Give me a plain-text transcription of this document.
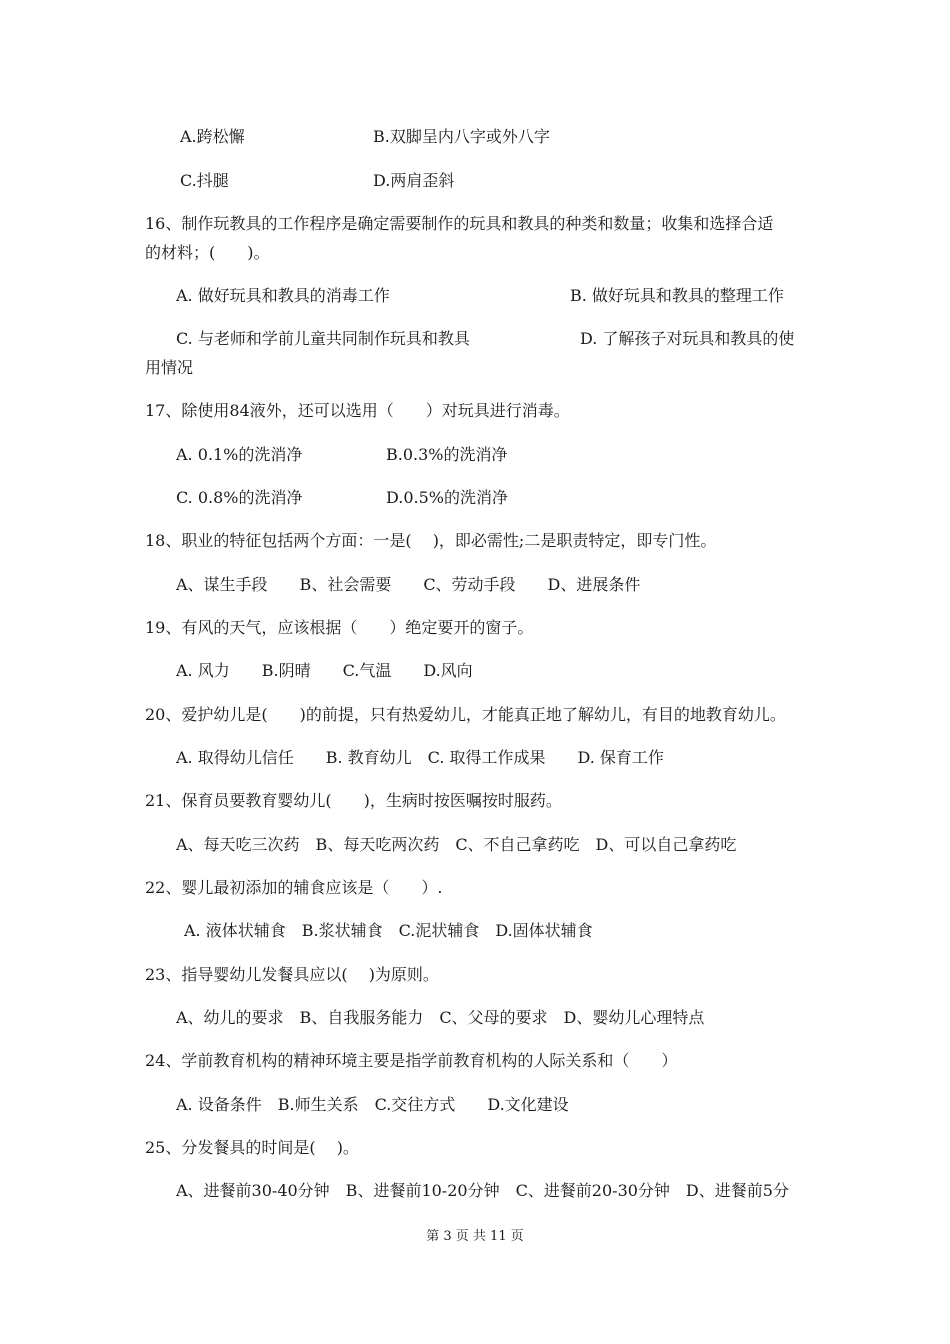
A.跨松懈	B.双脚呈内八字或外八字

C.抖腿	D.两肩歪斜

16、制作玩教具的工作程序是确定需要制作的玩具和教具的种类和数量；收集和选择合适

的材料；(　　)。

A. 做好玩具和教具的消毒工作	B. 做好玩具和教具的整理工作

C. 与老师和学前儿童共同制作玩具和教具	D. 了解孩子对玩具和教具的使

用情况

17、除使用84液外，还可以选用（　　）对玩具进行消毒。

A. 0.1%的洗消净	B.0.3%的洗消净

C. 0.8%的洗消净	D.0.5%的洗消净

18、职业的特征包括两个方面：一是(　 )，即必需性;二是职责特定，即专门性。

A、谋生手段　　B、社会需要　　C、劳动手段　　D、进展条件

19、有风的天气，应该根据（　　）绝定要开的窗子。

A. 风力　　B.阴晴　　C.气温　　D.风向

20、爱护幼儿是(　　)的前提，只有热爱幼儿，才能真正地了解幼儿，有目的地教育幼儿。

A. 取得幼儿信任　　B. 教育幼儿　C. 取得工作成果　　D. 保育工作

21、保育员要教育婴幼儿(　　)，生病时按医嘱按时服药。

A、每天吃三次药　B、每天吃两次药　C、不自己拿药吃　D、可以自己拿药吃

22、婴儿最初添加的辅食应该是（　　）.

A. 液体状辅食　B.浆状辅食　C.泥状辅食　D.固体状辅食

23、指导婴幼儿发餐具应以(　 )为原则。

A、幼儿的要求　B、自我服务能力　C、父母的要求　D、婴幼儿心理特点

24、学前教育机构的精神环境主要是指学前教育机构的人际关系和（　　）

A. 设备条件　B.师生关系　C.交往方式　　D.文化建设

25、分发餐具的时间是(　 )。

A、进餐前30-40分钟　B、进餐前10-20分钟　C、进餐前20-30分钟　D、进餐前5分

第 3 页 共 11 页
